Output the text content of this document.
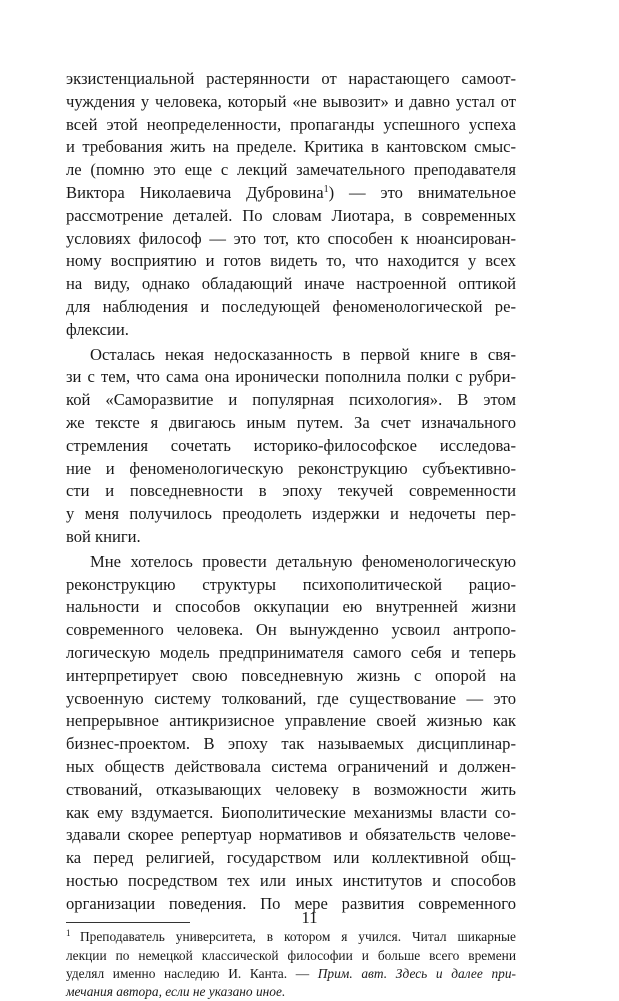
экзистенциальной растерянности от нарастающего самоот-
чуждения у человека, который «не вывозит» и давно устал от
всей этой неопределенности, пропаганды успешного успеха
и требования жить на пределе. Критика в кантовском смыс-
ле (помню это еще с лекций замечательного преподавателя
Виктора Николаевича Дубровина$^1$) — это внимательное
рассмотрение деталей. По словам Лиотара, в современных
условиях философ — это тот, кто способен к нюансирован-
ному восприятию и готов видеть то, что находится у всех
на виду, однако обладающий иначе настроенной оптикой
для наблюдения и последующей феноменологической ре-
флексии.
Осталась некая недосказанность в первой книге в свя-
зи с тем, что сама она иронически пополнила полки с рубри-
кой «Саморазвитие и популярная психология». В этом
же тексте я двигаюсь иным путем. За счет изначального
стремления сочетать историко-философское исследова-
ние и феноменологическую реконструкцию субъективно-
сти и повседневности в эпоху текучей современности
у меня получилось преодолеть издержки и недочеты пер-
вой книги.
Мне хотелось провести детальную феноменологическую
реконструкцию структуры психополитической рацио-
нальности и способов оккупации ею внутренней жизни
современного человека. Он вынужденно усвоил антропо-
логическую модель предпринимателя самого себя и теперь
интерпретирует свою повседневную жизнь с опорой на
усвоенную систему толкований, где существование — это
непрерывное антикризисное управление своей жизнью как
бизнес-проектом. В эпоху так называемых дисциплинар-
ных обществ действовала система ограничений и должен-
ствований, отказывающих человеку в возможности жить
как ему вздумается. Биополитические механизмы власти со-
здавали скорее репертуар нормативов и обязательств челове-
ка перед религией, государством или коллективной общ-
ностью посредством тех или иных институтов и способов
организации поведения. По мере развития современного
1 Преподаватель университета, в котором я учился. Читал шикарные
лекции по немецкой классической философии и больше всего времени
уделял именно наследию И. Канта. — Прим. авт. Здесь и далее при-
мечания автора, если не указано иное.
11
